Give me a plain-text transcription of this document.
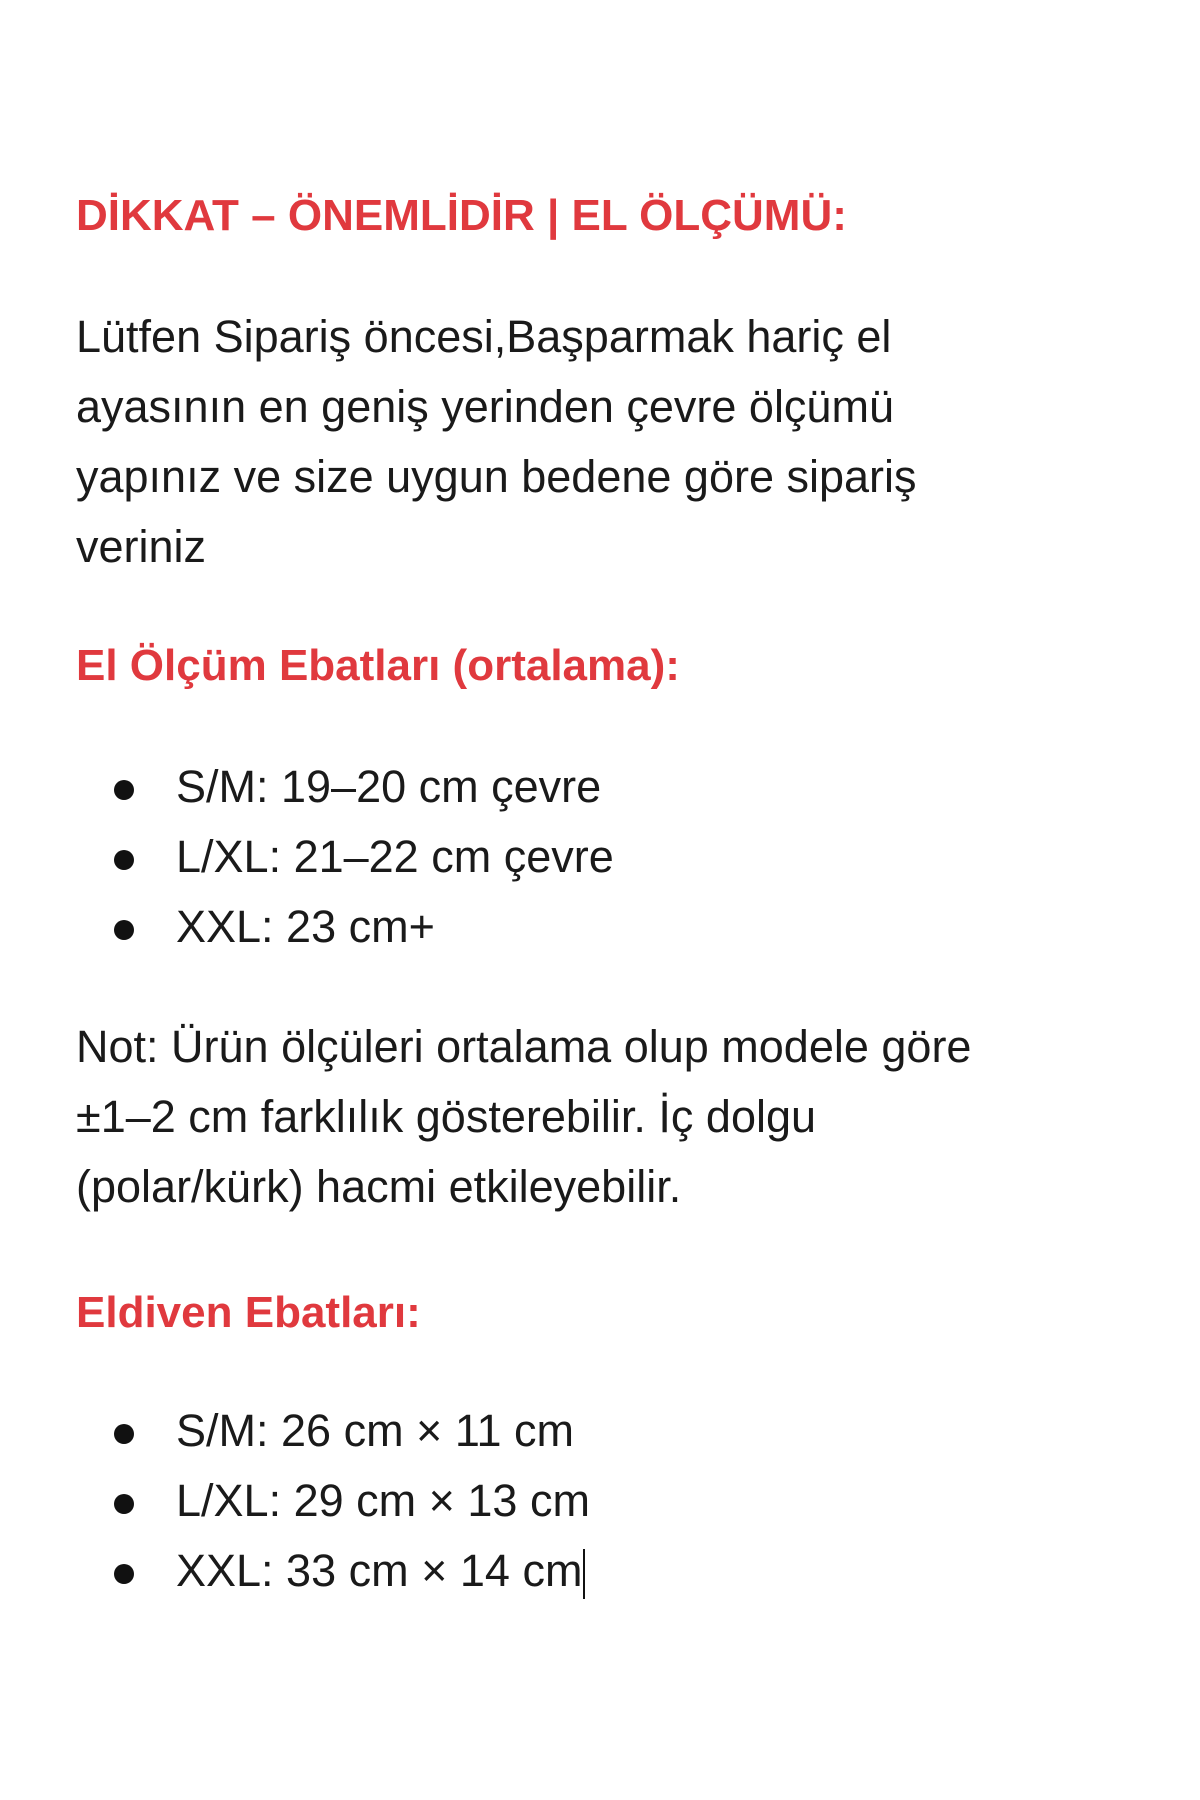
DİKKAT – ÖNEMLİDİR | EL ÖLÇÜMÜ:
Lütfen Sipariş öncesi,Başparmak hariç el
ayasının en geniş yerinden çevre ölçümü
yapınız ve size uygun bedene göre sipariş
veriniz
El Ölçüm Ebatları (ortalama):
S/M: 19–20 cm çevre
L/XL: 21–22 cm çevre
XXL: 23 cm+
Not: Ürün ölçüleri ortalama olup modele göre
±1–2 cm farklılık gösterebilir. İç dolgu
(polar/kürk) hacmi etkileyebilir.
Eldiven Ebatları:
S/M: 26 cm × 11 cm
L/XL: 29 cm × 13 cm
XXL: 33 cm × 14 cm
